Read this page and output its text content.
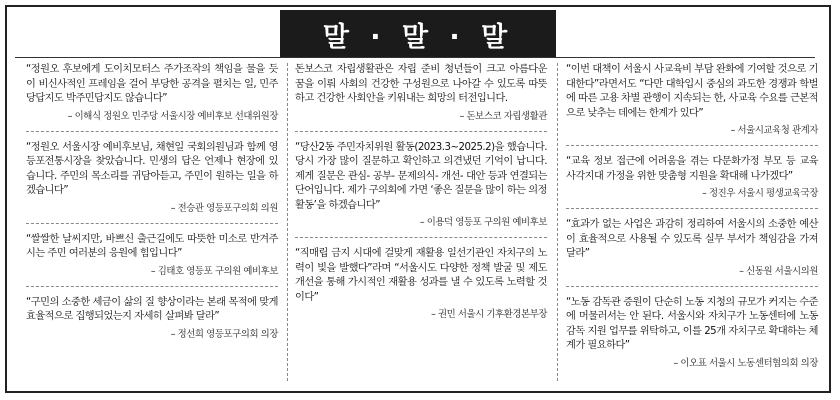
말 · 말 · 말

“정원오 후보에게 도이치모터스 주가조작의 책임을 물을 듯이 비신사적인 프레임을 걸어 부당한 공격을 펼치는 일, 민주당답지도 박주민답지도 않습니다”

– 이해식 정원오 민주당 서울시장 예비후보 선대위원장

“정원오 서울시장 예비후보님, 채현일 국회의원님과 함께 영등포전통시장을 찾았습니다. 민생의 답은 언제나 현장에 있습니다. 주민의 목소리를 귀담아듣고, 주민이 원하는 일을 하겠습니다”

– 전승관 영등포구의회 의원

“쌀쌀한 날씨지만, 바쁘신 출근길에도 따뜻한 미소로 반겨주시는 주민 여러분의 응원에 힘입니다”

– 김태호 영등포 구의원 예비후보

“구민의 소중한 세금이 삶의 질 향상이라는 본래 목적에 맞게 효율적으로 집행되었는지 자세히 살펴봐 달라”

– 정선희 영등포구의회 의장

돈보스코 자립생활관은 자립 준비 청년들이 크고 아름다운 꿈을 이뤄 사회의 건강한 구성원으로 나아갈 수 있도록 따뜻하고 건강한 사회안을 키워내는 희망의 터전입니다.

– 돈보스코 자립생활관

“당산2동 주민자치위원 활동(2023.3~2025.2)을 했습니다. 당시 가장 많이 질문하고 확인하고 의견냈던 기억이 납니다. 제게 질문은 관심- 공부- 문제의식- 개선- 대안 등과 연결되는 단어입니다. 제가 구의회에 가면 ‘좋은 질문을 많이 하는 의정활동’을 하겠습니다”

– 이용덕 영등포 구의원 예비후보

“직매립 금지 시대에 걸맞게 재활용 일선기관인 자치구의 노력이 빛을 발했다”라며 “서울시도 다양한 정책 발굴 및 제도 개선을 통해 가시적인 재활용 성과를 낼 수 있도록 노력할 것이다”

– 권민 서울시 기후환경본부장

“이번 대책이 서울시 사교육비 부담 완화에 기여할 것으로 기대한다”라면서도 “다만 대학입시 중심의 과도한 경쟁과 학벌에 따른 고용 차별 관행이 지속되는 한, 사교육 수요를 근본적으로 낮추는 데에는 한계가 있다”

– 서울시교육청 관계자

“교육 정보 접근에 어려움을 겪는 다문화가정 부모 등 교육 사각지대 가정을 위한 맞춤형 지원을 확대해 나가겠다”

– 정진우 서울시 평생교육국장

“효과가 없는 사업은 과감히 정리하여 서울시의 소중한 예산이 효율적으로 사용될 수 있도록 실무 부서가 책임감을 가져달라”

– 신동원 서울시의원

“노동 감독관 증원이 단순히 노동 지청의 규모가 커지는 수준에 머물러서는 안 된다. 서울시와 자치구가 노동센터에 노동 감독 지원 업무를 위탁하고, 이를 25개 자치구로 확대하는 체계가 필요하다”

– 이오표 서울시 노동센터협의회 의장
